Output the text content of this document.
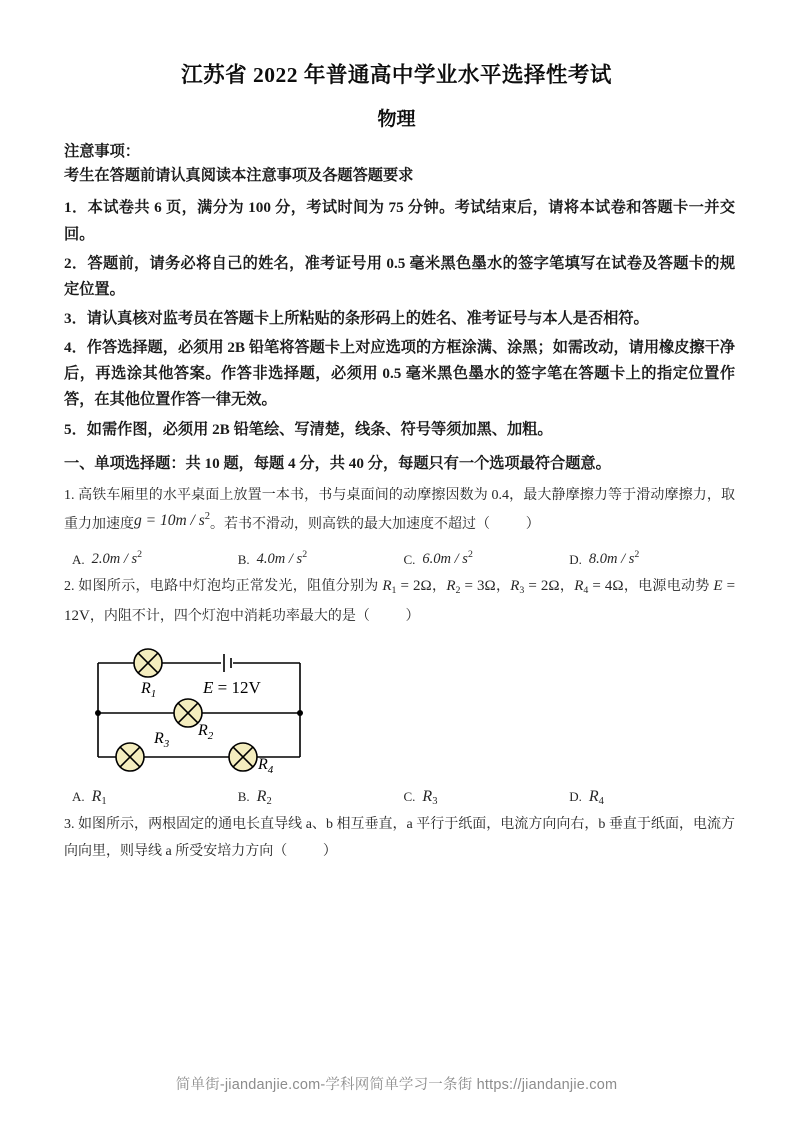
江苏省 2022 年普通高中学业水平选择性考试
物理

注意事项：

考生在答题前请认真阅读本注意事项及各题答题要求

1．本试卷共 6 页，满分为 100 分，考试时间为 75 分钟。考试结束后，请将本试卷和答题卡一并交回。

2．答题前，请务必将自己的姓名，准考证号用 0.5 毫米黑色墨水的签字笔填写在试卷及答题卡的规定位置。

3．请认真核对监考员在答题卡上所粘贴的条形码上的姓名、准考证号与本人是否相符。

4．作答选择题，必须用 2B 铅笔将答题卡上对应选项的方框涂满、涂黑；如需改动，请用橡皮擦干净后，再选涂其他答案。作答非选择题，必须用 0.5 毫米黑色墨水的签字笔在答题卡上的指定位置作答，在其他位置作答一律无效。

5．如需作图，必须用 2B 铅笔绘、写清楚，线条、符号等须加黑、加粗。

一、单项选择题：共 10 题，每题 4 分，共 40 分，每题只有一个选项最符合题意。

1. 高铁车厢里的水平桌面上放置一本书，书与桌面间的动摩擦因数为 0.4，最大静摩擦力等于滑动摩擦力，取重力加速度$g = 10m / s^2$。若书不滑动，则高铁的最大加速度不超过（	）

A. $2.0m / s^2$	B. $4.0m / s^2$	C. $6.0m / s^2$	D. $8.0m / s^2$

2. 如图所示，电路中灯泡均正常发光，阻值分别为 $R_1 = 2\Omega$，$R_2 = 3\Omega$，$R_3 = 2\Omega$，$R_4 = 4\Omega$，电源电动势 E = 12V，内阻不计，四个灯泡中消耗功率最大的是（	）

$R_1$
$R_2$
$R_3$
$R_4$
E = 12V
A. $R_1$	B. $R_2$	C. $R_3$	D. $R_4$

3. 如图所示，两根固定的通电长直导线 a、b 相互垂直，a 平行于纸面，电流方向向右，b 垂直于纸面，电流方向向里，则导线 a 所受安培力方向（	）

简单街-jiandanjie.com-学科网简单学习一条街 https://jiandanjie.com
